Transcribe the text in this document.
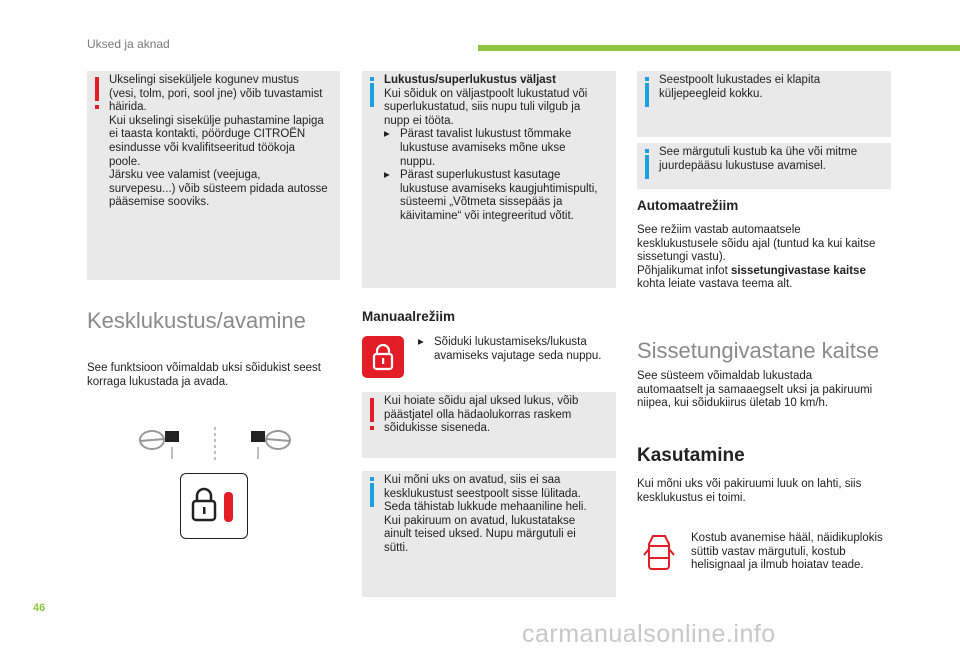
Uksed ja aknad
Ukselingi siseküljele kogunev mustus
(vesi, tolm, pori, sool jne) võib tuvastamist
häirida.
Kui ukselingi sisekülje puhastamine lapiga
ei taasta kontakti, pöörduge CITROËN
esindusse või kvalifitseeritud töökoja
poole.
Järsku vee valamist (veejuga,
survepesu...) võib süsteem pidada autosse
pääsemise sooviks.
Kesklukustus/avamine
See funktsioon võimaldab uksi sõidukist seest
korraga lukustada ja avada.
Lukustus/superlukustus väljast
Kui sõiduk on väljastpoolt lukustatud või
superlukustatud, siis nupu tuli vilgub ja
nupp ei tööta.
▸ Pärast tavalist lukustust tõmmake
lukustuse avamiseks mõne ukse
nuppu.
▸ Pärast superlukustust kasutage
lukustuse avamiseks kaugjuhtimispulti,
süsteemi „Võtmeta sissepääs ja
käivitamine“ või integreeritud võtit.
Manuaalrežiim
▸ Sõiduki lukustamiseks/lukusta
avamiseks vajutage seda nuppu.
Kui hoiate sõidu ajal uksed lukus, võib
päästjatel olla hädaolukorras raskem
sõidukisse siseneda.
Kui mõni uks on avatud, siis ei saa
kesklukustust seestpoolt sisse lülitada.
Seda tähistab lukkude mehaaniline heli.
Kui pakiruum on avatud, lukustatakse
ainult teised uksed. Nupu märgutuli ei
sütti.
Seestpoolt lukustades ei klapita
küljepeegleid kokku.
See märgutuli kustub ka ühe või mitme
juurdepääsu lukustuse avamisel.
Automaatrežiim
See režiim vastab automaatsele
kesklukustusele sõidu ajal (tuntud ka kui kaitse
sissetungi vastu).
Põhjalikumat infot sissetungivastase kaitse
kohta leiate vastava teema alt.
Sissetungivastane kaitse
See süsteem võimaldab lukustada
automaatselt ja samaaegselt uksi ja pakiruumi
niipea, kui sõidukiirus ületab 10 km/h.
Kasutamine
Kui mõni uks või pakiruumi luuk on lahti, siis
kesklukustus ei toimi.
Kostub avanemise hääl, näidikuplokis
süttib vastav märgutuli, kostub
helisignaal ja ilmub hoiatav teade.
46
carmanualsonline.info
